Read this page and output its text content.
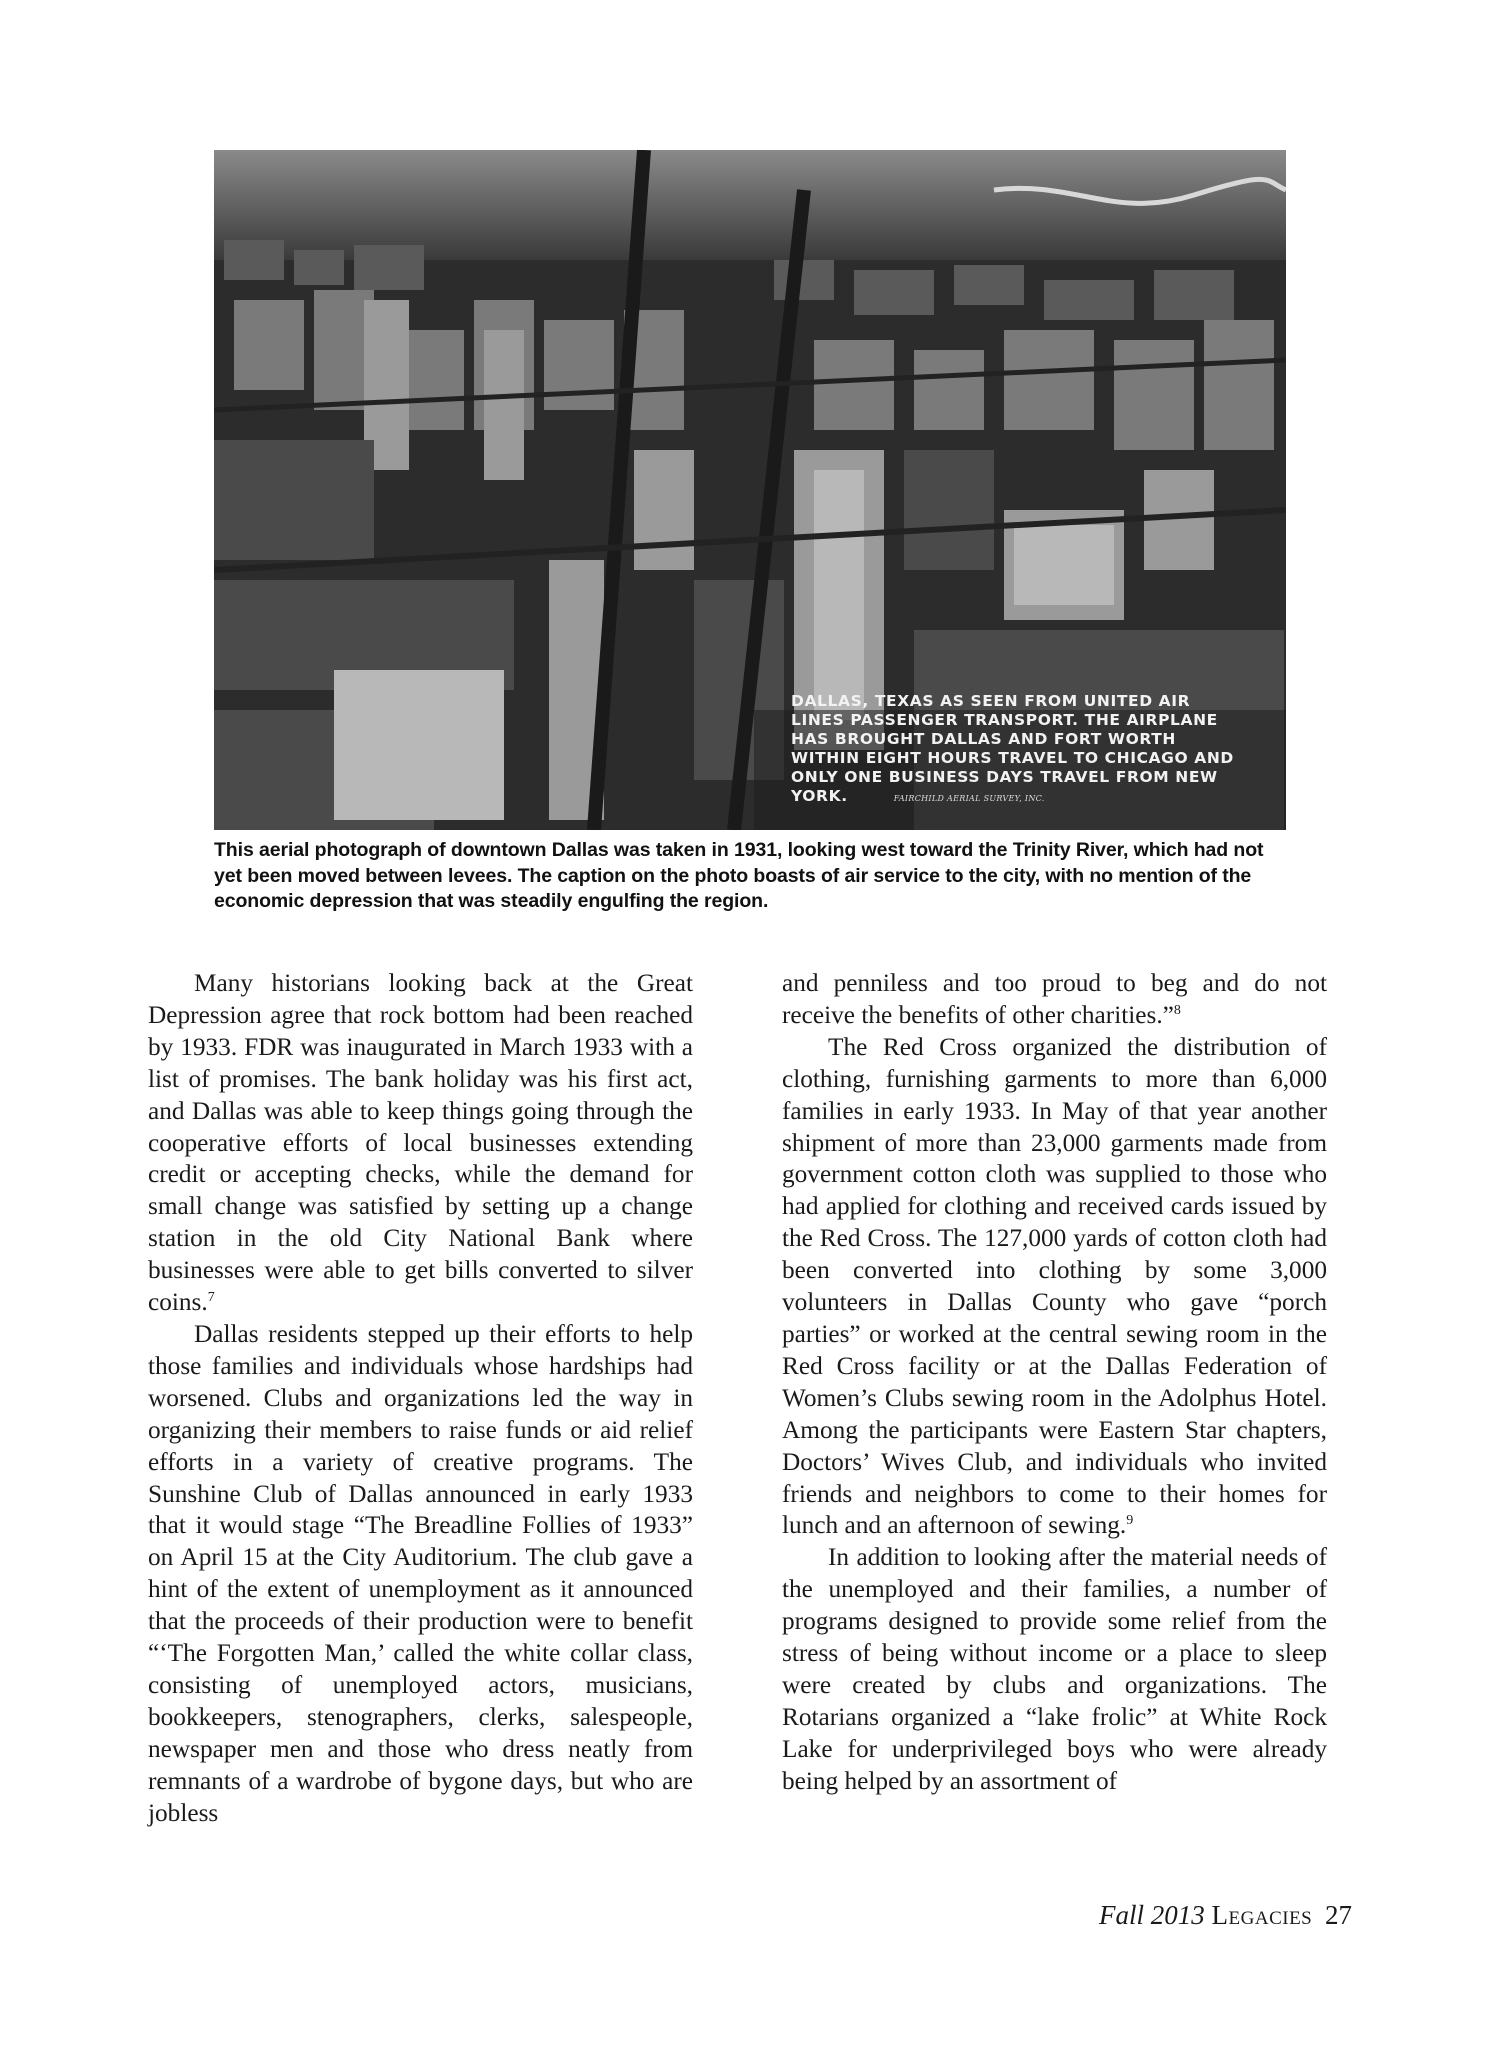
DALLAS, TEXAS AS SEEN FROM UNITED AIR LINES PASSENGER TRANSPORT. THE AIRPLANE HAS BROUGHT DALLAS AND FORT WORTH WITHIN EIGHT HOURS TRAVEL TO CHICAGO AND ONLY ONE BUSINESS DAYS TRAVEL FROM NEW YORK.	FAIRCHILD AERIAL SURVEY, INC.

This aerial photograph of downtown Dallas was taken in 1931, looking west toward the Trinity River, which had not yet been moved between levees. The caption on the photo boasts of air service to the city, with no mention of the economic depression that was steadily engulfing the region.

Many historians looking back at the Great Depression agree that rock bottom had been reached by 1933. FDR was inaugurated in March 1933 with a list of promises. The bank holiday was his first act, and Dallas was able to keep things going through the cooperative efforts of local businesses extending credit or accepting checks, while the demand for small change was satisfied by setting up a change station in the old City National Bank where businesses were able to get bills converted to silver coins.$^7$

Dallas residents stepped up their efforts to help those families and individuals whose hardships had worsened. Clubs and organizations led the way in organizing their members to raise funds or aid relief efforts in a variety of creative programs. The Sunshine Club of Dallas announced in early 1933 that it would stage “The Breadline Follies of 1933” on April 15 at the City Auditorium. The club gave a hint of the extent of unemployment as it announced that the proceeds of their production were to benefit “‘The Forgotten Man,’ called the white collar class, consisting of unemployed actors, musicians, bookkeepers, stenographers, clerks, salespeople, newspaper men and those who dress neatly from remnants of a wardrobe of bygone days, but who are jobless

and penniless and too proud to beg and do not receive the benefits of other charities.”$^8$

The Red Cross organized the distribution of clothing, furnishing garments to more than 6,000 families in early 1933. In May of that year another shipment of more than 23,000 garments made from government cotton cloth was supplied to those who had applied for clothing and received cards issued by the Red Cross. The 127,000 yards of cotton cloth had been converted into clothing by some 3,000 volunteers in Dallas County who gave “porch parties” or worked at the central sewing room in the Red Cross facility or at the Dallas Federation of Women’s Clubs sewing room in the Adolphus Hotel. Among the participants were Eastern Star chapters, Doctors’ Wives Club, and individuals who invited friends and neighbors to come to their homes for lunch and an afternoon of sewing.$^9$

In addition to looking after the material needs of the unemployed and their families, a number of programs designed to provide some relief from the stress of being without income or a place to sleep were created by clubs and organizations. The Rotarians organized a “lake frolic” at White Rock Lake for underprivileged boys who were already being helped by an assortment of

Fall 2013 Legacies 27
